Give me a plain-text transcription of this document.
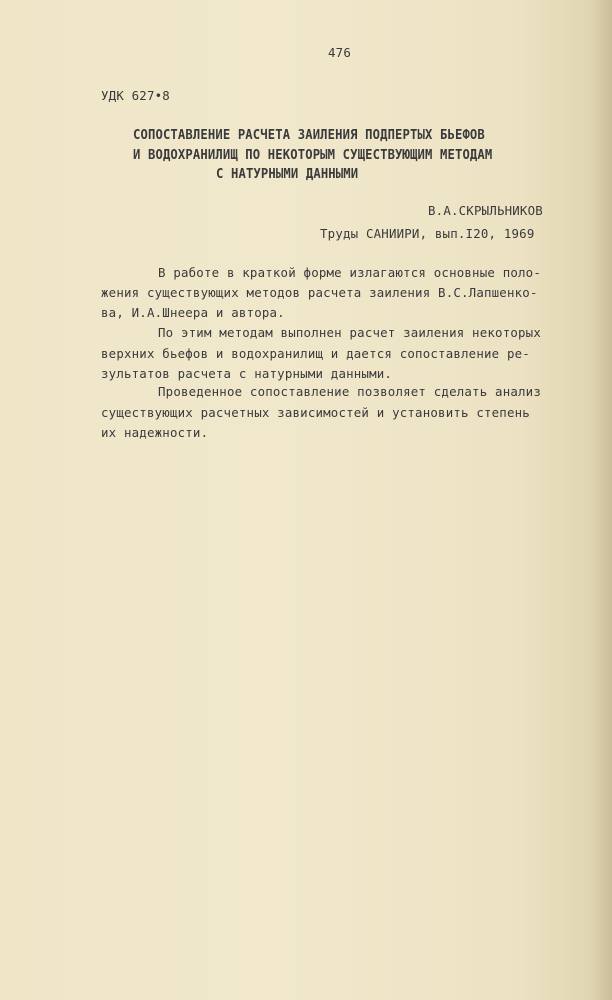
476
УДК 627•8
СОПОСТАВЛЕНИЕ РАСЧЕТА ЗАИЛЕНИЯ ПОДПЕРТЫХ БЬЕФОВ
И ВОДОХРАНИЛИЩ ПО НЕКОТОРЫМ СУЩЕСТВУЮЩИМ МЕТОДАМ
С НАТУРНЫМИ ДАННЫМИ
В.А.СКРЫЛЬНИКОВ
Труды САНИИРИ, вып.I20, 1969
В работе в краткой форме излагаются основные поло-
жения существующих методов расчета заиления В.С.Лапшенко-
ва, И.А.Шнеера и автора.
По этим методам выполнен расчет заиления некоторых
верхних бьефов и водохранилищ и дается сопоставление ре-
зультатов расчета с натурными данными.
Проведенное сопоставление позволяет сделать анализ
существующих расчетных зависимостей и установить степень
их надежности.
